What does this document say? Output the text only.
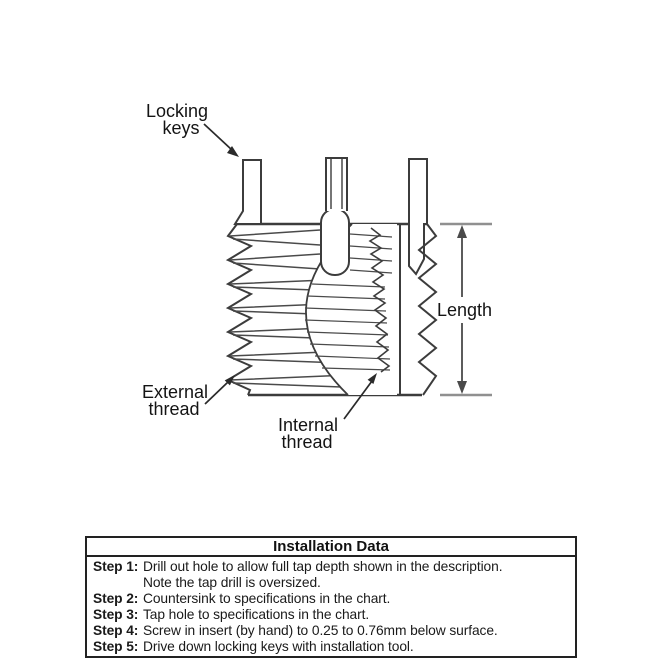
Locking
keys
Length
External
thread
Internal
thread
Installation Data
Step 1: Drill out hole to allow full tap depth shown in the description.
Note the tap drill is oversized.
Step 2: Countersink to specifications in the chart.
Step 3: Tap hole to specifications in the chart.
Step 4: Screw in insert (by hand) to 0.25 to 0.76mm below surface.
Step 5: Drive down locking keys with installation tool.
